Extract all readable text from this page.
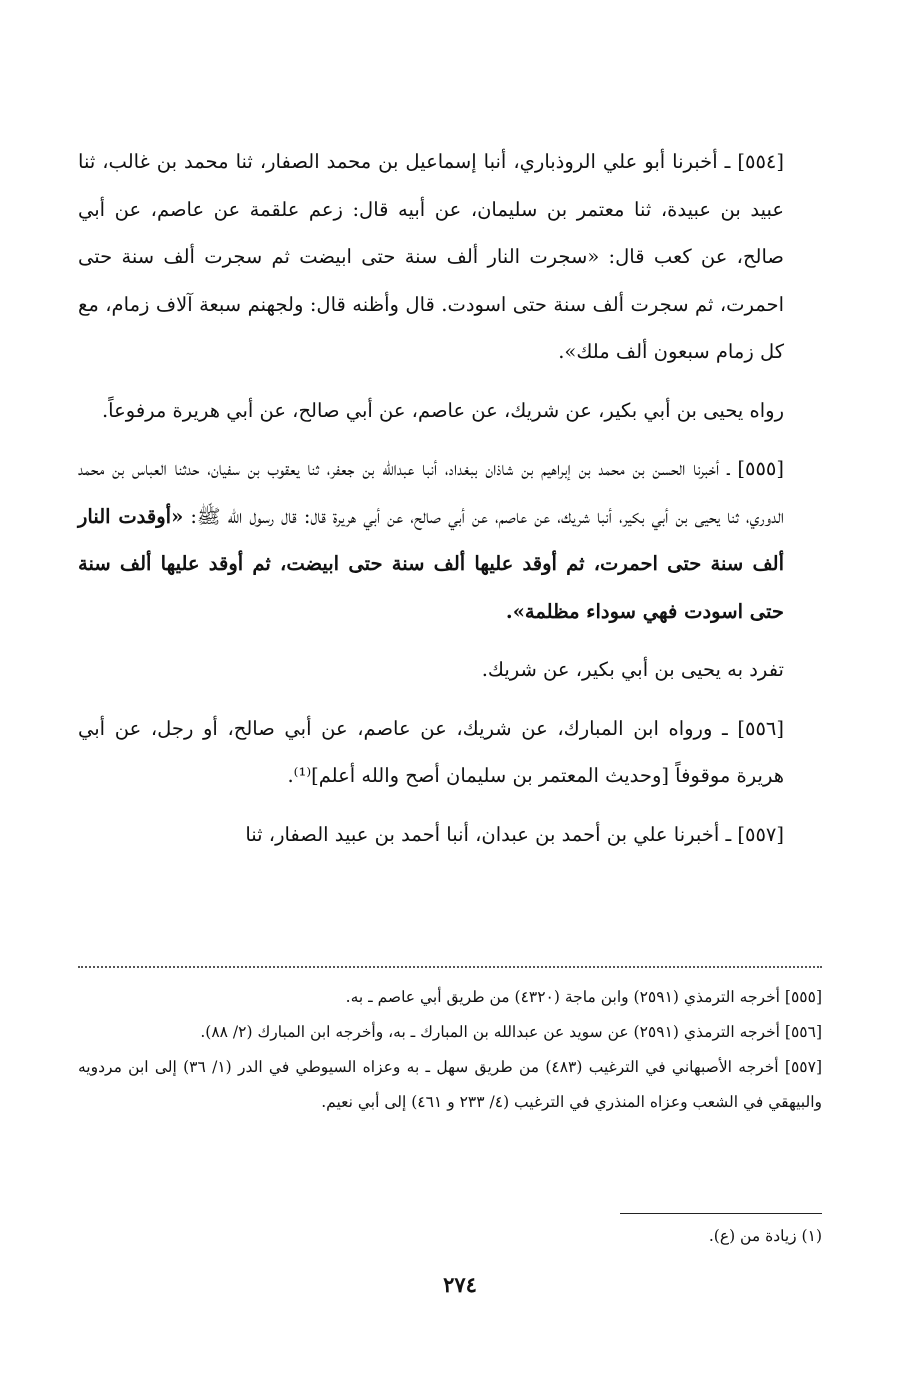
[٥٥٤] ـ أخبرنا أبو علي الروذباري، أنبا إسماعيل بن محمد الصفار، ثنا محمد بن غالب، ثنا عبيد بن عبيدة، ثنا معتمر بن سليمان، عن أبيه قال: زعم علقمة عن عاصم، عن أبي صالح، عن كعب قال: «سجرت النار ألف سنة حتى ابيضت ثم سجرت ألف سنة حتى احمرت، ثم سجرت ألف سنة حتى اسودت. قال وأظنه قال: ولجهنم سبعة آلاف زمام، مع كل زمام سبعون ألف ملك».

رواه يحيى بن أبي بكير، عن شريك، عن عاصم، عن أبي صالح، عن أبي هريرة مرفوعاً.

[٥٥٥] ـ أخبرنا الحسن بن محمد بن إبراهيم بن شاذان ببغداد، أنبا عبدالله بن جعفر، ثنا يعقوب بن سفيان، حدثنا العباس بن محمد الدوري، ثنا يحيى بن أبي بكير، أنبا شريك، عن عاصم، عن أبي صالح، عن أبي هريرة قال: قال رسول الله ﷺ: «أوقدت النار ألف سنة حتى احمرت، ثم أوقد عليها ألف سنة حتى ابيضت، ثم أوقد عليها ألف سنة حتى اسودت فهي سوداء مظلمة».

تفرد به يحيى بن أبي بكير، عن شريك.

[٥٥٦] ـ ورواه ابن المبارك، عن شريك، عن عاصم، عن أبي صالح، أو رجل، عن أبي هريرة موقوفاً [وحديث المعتمر بن سليمان أصح والله أعلم]⁽¹⁾.

[٥٥٧] ـ أخبرنا علي بن أحمد بن عبدان، أنبا أحمد بن عبيد الصفار، ثنا

[٥٥٥] أخرجه الترمذي (٢٥٩١) وابن ماجة (٤٣٢٠) من طريق أبي عاصم ـ به.

[٥٥٦] أخرجه الترمذي (٢٥٩١) عن سويد عن عبدالله بن المبارك ـ به، وأخرجه ابن المبارك (٢/ ٨٨).

[٥٥٧] أخرجه الأصبهاني في الترغيب (٤٨٣) من طريق سهل ـ به وعزاه السيوطي في الدر (١/ ٣٦) إلى ابن مردويه والبيهقي في الشعب وعزاه المنذري في الترغيب (٤/ ٢٣٣ و ٤٦١) إلى أبي نعيم.

(١) زيادة من (ع).
٢٧٤
